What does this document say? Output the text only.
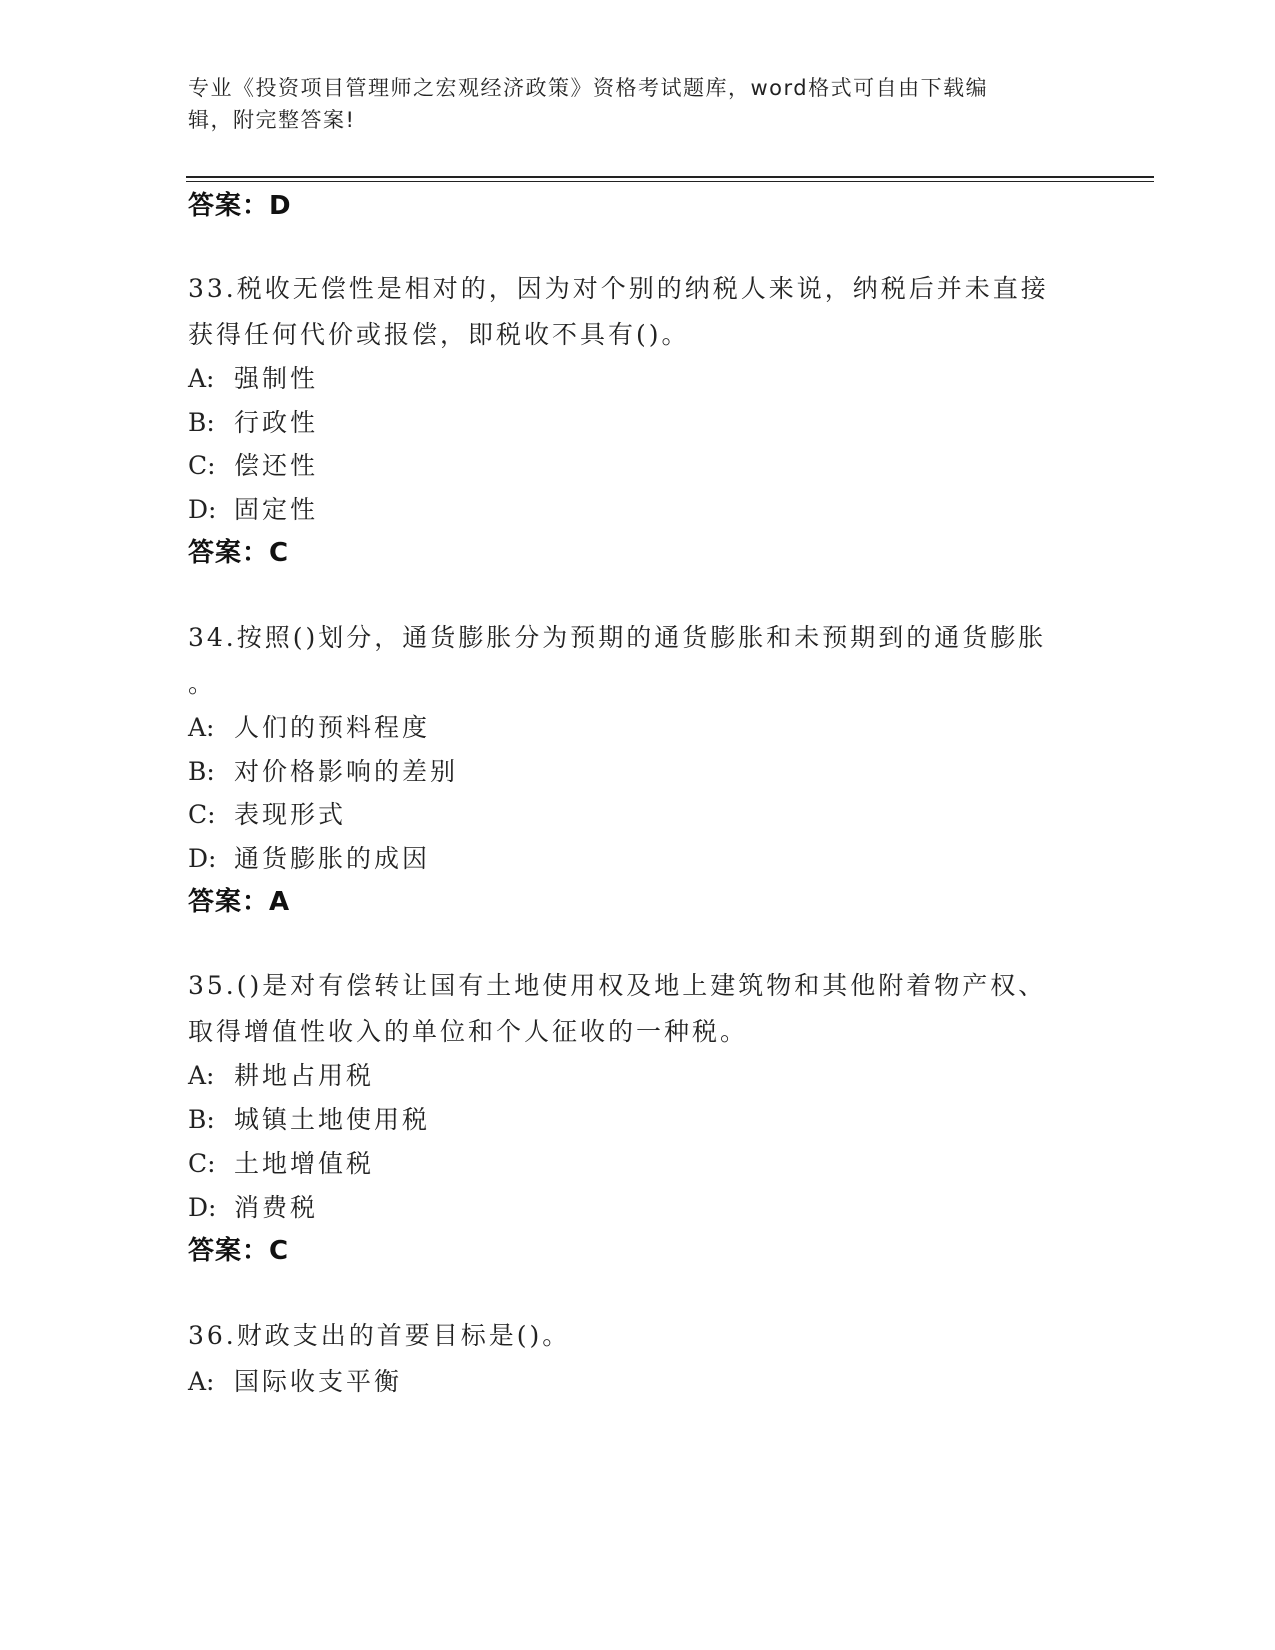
专业《投资项目管理师之宏观经济政策》资格考试题库，word格式可自由下载编
辑，附完整答案!
答案：D
33.税收无偿性是相对的，因为对个别的纳税人来说，纳税后并未直接
获得任何代价或报偿，即税收不具有()。
A: 强制性
B: 行政性
C: 偿还性
D: 固定性
答案：C
34.按照()划分，通货膨胀分为预期的通货膨胀和未预期到的通货膨胀
。
A: 人们的预料程度
B: 对价格影响的差别
C: 表现形式
D: 通货膨胀的成因
答案：A
35.()是对有偿转让国有土地使用权及地上建筑物和其他附着物产权、
取得增值性收入的单位和个人征收的一种税。
A: 耕地占用税
B: 城镇土地使用税
C: 土地增值税
D: 消费税
答案：C
36.财政支出的首要目标是()。
A: 国际收支平衡
